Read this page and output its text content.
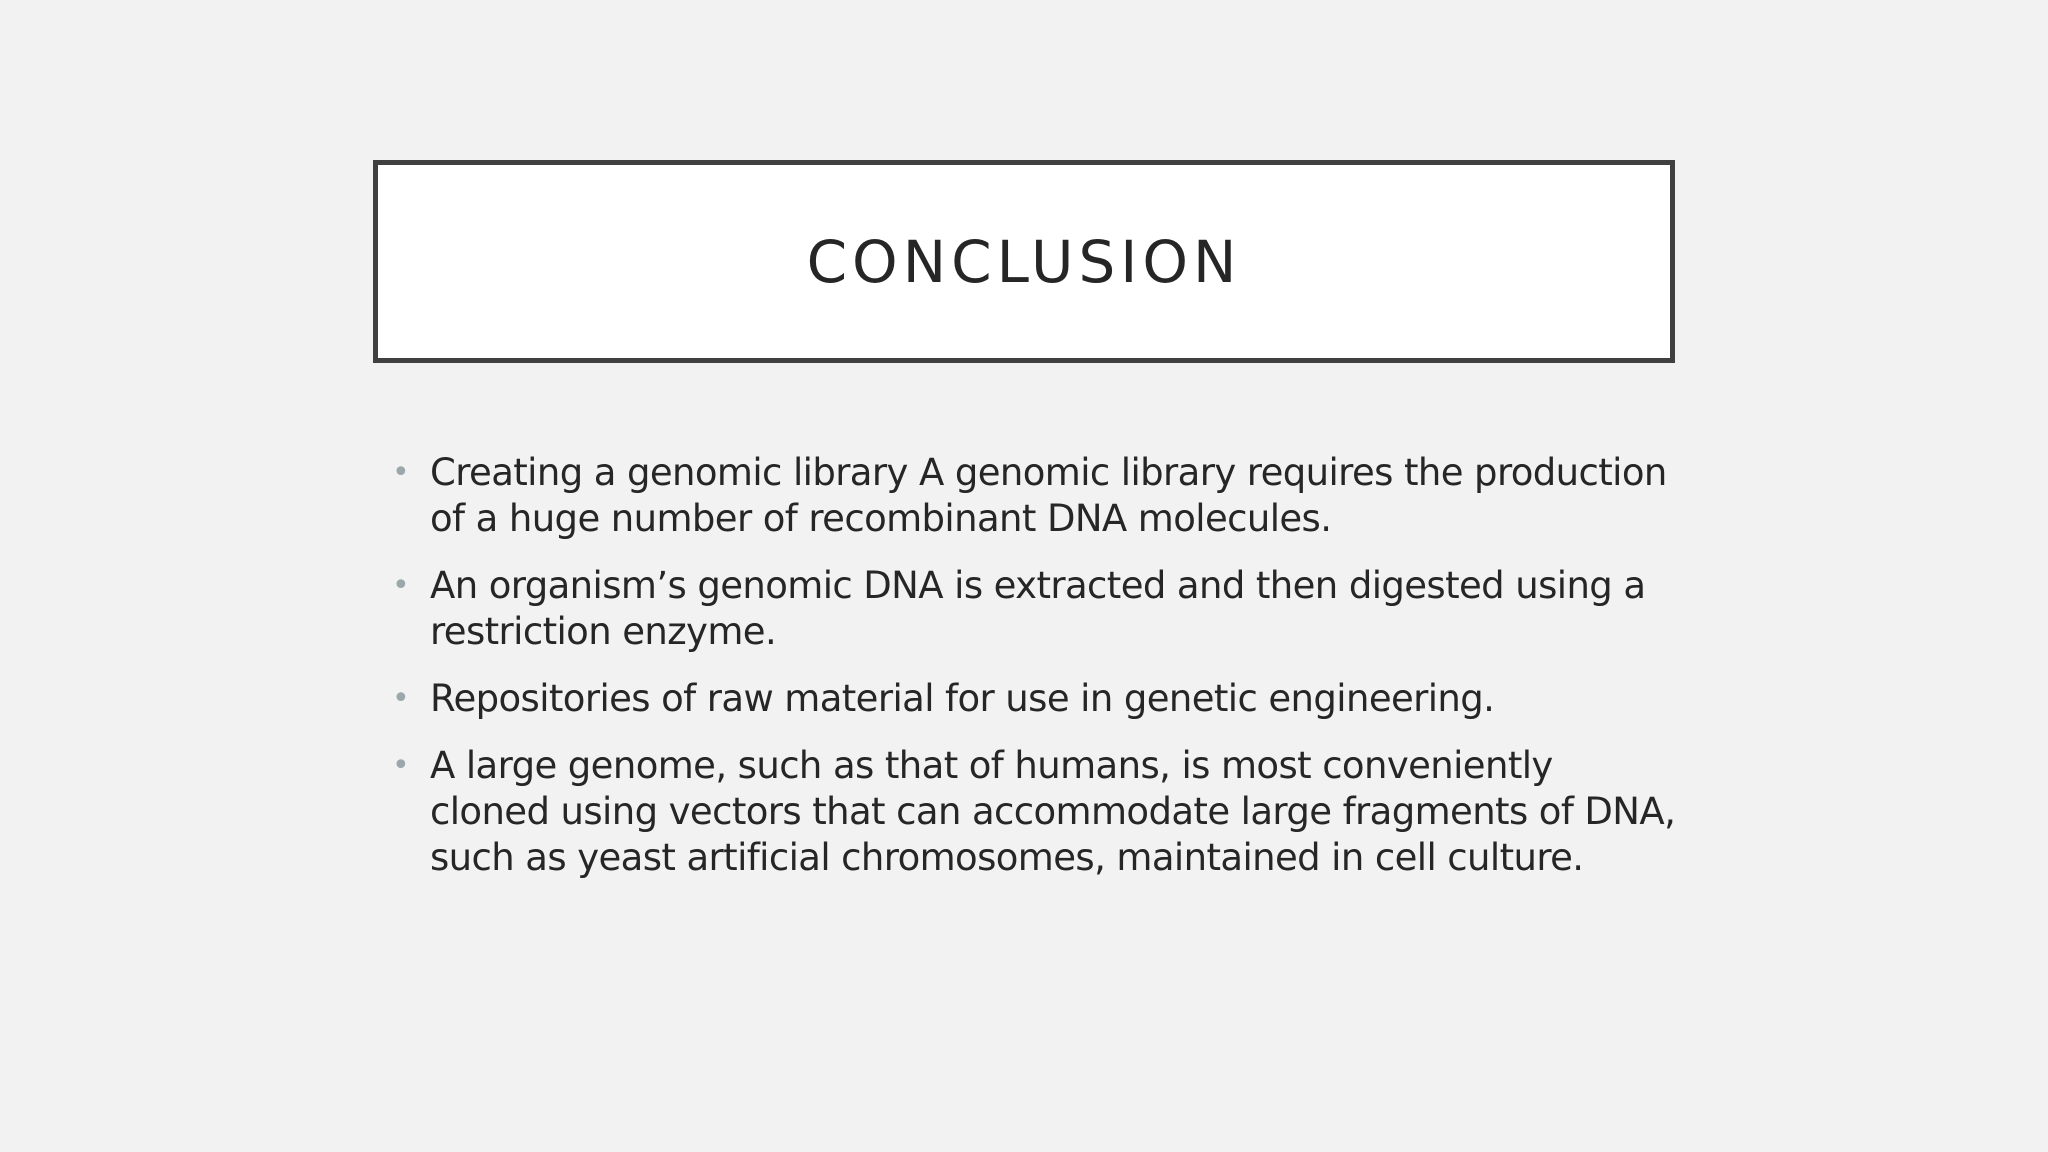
CONCLUSION
• Creating a genomic library A genomic library requires the production of a huge number of recombinant DNA molecules.
• An organism’s genomic DNA is extracted and then digested using a restriction enzyme.
• Repositories of raw material for use in genetic engineering.
• A large genome, such as that of humans, is most conveniently cloned using vectors that can accommodate large fragments of DNA, such as yeast artificial chromosomes, maintained in cell culture.
